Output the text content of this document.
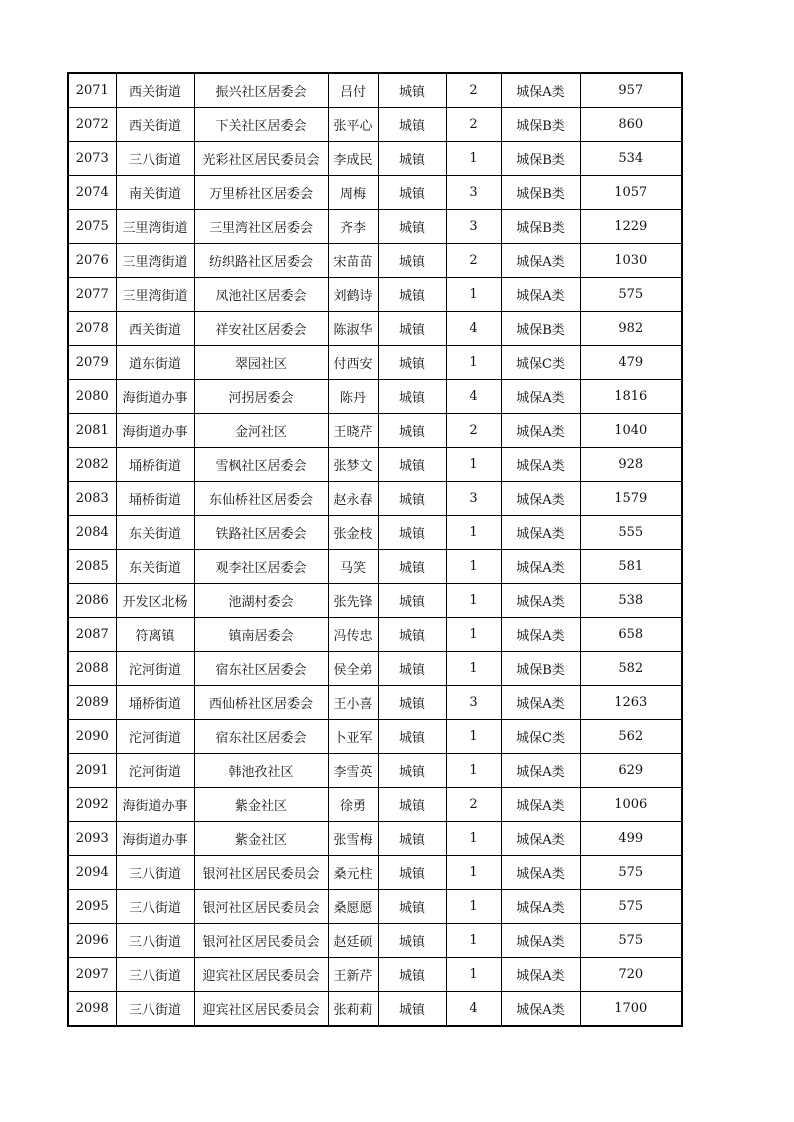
2071	西关街道	振兴社区居委会	吕付	城镇	2	城保A类	957
2072	西关街道	下关社区居委会	张平心	城镇	2	城保B类	860
2073	三八街道	光彩社区居民委员会	李成民	城镇	1	城保B类	534
2074	南关街道	万里桥社区居委会	周梅	城镇	3	城保B类	1057
2075	三里湾街道	三里湾社区居委会	齐李	城镇	3	城保B类	1229
2076	三里湾街道	纺织路社区居委会	宋苗苗	城镇	2	城保A类	1030
2077	三里湾街道	凤池社区居委会	刘鹤诗	城镇	1	城保A类	575
2078	西关街道	祥安社区居委会	陈淑华	城镇	4	城保B类	982
2079	道东街道	翠园社区	付西安	城镇	1	城保C类	479
2080	海街道办事	河拐居委会	陈丹	城镇	4	城保A类	1816
2081	海街道办事	金河社区	王晓芹	城镇	2	城保A类	1040
2082	埇桥街道	雪枫社区居委会	张梦文	城镇	1	城保A类	928
2083	埇桥街道	东仙桥社区居委会	赵永春	城镇	3	城保A类	1579
2084	东关街道	铁路社区居委会	张金枝	城镇	1	城保A类	555
2085	东关街道	观李社区居委会	马笑	城镇	1	城保A类	581
2086	开发区北杨	池湖村委会	张先锋	城镇	1	城保A类	538
2087	符离镇	镇南居委会	冯传忠	城镇	1	城保A类	658
2088	沱河街道	宿东社区居委会	侯全弟	城镇	1	城保B类	582
2089	埇桥街道	西仙桥社区居委会	王小喜	城镇	3	城保A类	1263
2090	沱河街道	宿东社区居委会	卜亚军	城镇	1	城保C类	562
2091	沱河街道	韩池孜社区	李雪英	城镇	1	城保A类	629
2092	海街道办事	紫金社区	徐勇	城镇	2	城保A类	1006
2093	海街道办事	紫金社区	张雪梅	城镇	1	城保A类	499
2094	三八街道	银河社区居民委员会	桑元柱	城镇	1	城保A类	575
2095	三八街道	银河社区居民委员会	桑愿愿	城镇	1	城保A类	575
2096	三八街道	银河社区居民委员会	赵廷硕	城镇	1	城保A类	575
2097	三八街道	迎宾社区居民委员会	王新芹	城镇	1	城保A类	720
2098	三八街道	迎宾社区居民委员会	张莉莉	城镇	4	城保A类	1700
